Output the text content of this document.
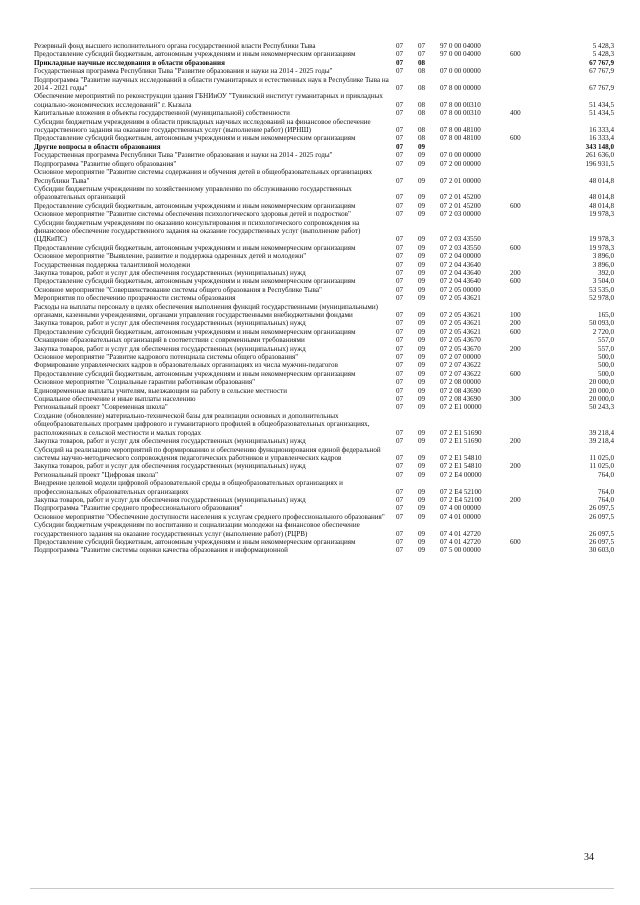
Резервный фонд высшего исполнительного органа государственной власти Республики Тыва	07	07	97 0 00 04000		5 428,3
Предоставление субсидий бюджетным, автономным учреждениям и иным некоммерческим организациям	07	07	97 0 00 04000	600	5 428,3
Прикладные научные исследования в области образования	07	08			67 767,9
Государственная программа Республики Тыва "Развитие образования и науки на 2014 - 2025 годы"	07	08	07 0 00 00000		67 767,9
Подпрограмма "Развитие научных исследований в области гуманитарных и естественных наук в Республике Тыва на 2014 - 2021 годы"	07	08	07 8 00 00000		67 767,9
Обеспечение мероприятий по реконструкции здания ГБНИиОУ "Тувинский институт гуманитарных и прикладных социально-экономических исследований" г. Кызыла	07	08	07 8 00 00310		51 434,5
Капитальные вложения в объекты государственной (муниципальной) собственности	07	08	07 8 00 00310	400	51 434,5
Субсидии бюджетным учреждениям в области прикладных научных исследований на финансовое обеспечение государственного задания на оказание государственных услуг (выполнение работ) (ИРНШ)	07	08	07 8 00 48100		16 333,4
Предоставление субсидий бюджетным, автономным учреждениям и иным некоммерческим организациям	07	08	07 8 00 48100	600	16 333,4
Другие вопросы в области образования	07	09			343 148,0
Государственная программа Республики Тыва "Развитие образования и науки на 2014 - 2025 годы"	07	09	07 0 00 00000		261 636,0
Подпрограмма "Развитие общего образования"	07	09	07 2 00 00000		196 931,5
Основное мероприятие "Развитие системы содержания и обучения детей в общеобразовательных организациях Республики Тыва"	07	09	07 2 01 00000		48 014,8
Субсидии бюджетным учреждениям по хозяйственному управлению по обслуживанию государственных образовательных организаций	07	09	07 2 01 45200		48 014,8
Предоставление субсидий бюджетным, автономным учреждениям и иным некоммерческим организациям	07	09	07 2 01 45200	600	48 014,8
Основное мероприятие "Развитие системы обеспечения психологического здоровья детей и подростков"	07	09	07 2 03 00000		19 978,3
Субсидии бюджетным учреждениям по оказанию консультирования и психологического сопровождения на финансовое обеспечение государственного задания на оказание государственных услуг (выполнение работ) (ЦДКиПС)	07	09	07 2 03 43550		19 978,3
Предоставление субсидий бюджетным, автономным учреждениям и иным некоммерческим организациям	07	09	07 2 03 43550	600	19 978,3
Основное мероприятие "Выявление, развитие и поддержка одаренных детей и молодежи"	07	09	07 2 04 00000		3 896,0
Государственная поддержка талантливой молодежи	07	09	07 2 04 43640		3 896,0
Закупка товаров, работ и услуг для обеспечения государственных (муниципальных) нужд	07	09	07 2 04 43640	200	392,0
Предоставление субсидий бюджетным, автономным учреждениям и иным некоммерческим организациям	07	09	07 2 04 43640	600	3 504,0
Основное мероприятие "Совершенствование системы общего образования в Республике Тыва"	07	09	07 2 05 00000		53 535,0
Мероприятия по обеспечению прозрачности системы образования	07	09	07 2 05 43621		52 978,0
Расходы на выплаты персоналу в целях обеспечения выполнения функций государственными (муниципальными) органами, казенными учреждениями, органами управления государственными внебюджетными фондами	07	09	07 2 05 43621	100	165,0
Закупка товаров, работ и услуг для обеспечения государственных (муниципальных) нужд	07	09	07 2 05 43621	200	50 093,0
Предоставление субсидий бюджетным, автономным учреждениям и иным некоммерческим организациям	07	09	07 2 05 43621	600	2 720,0
Оснащение образовательных организаций в соответствии с современными требованиями	07	09	07 2 05 43670		557,0
Закупка товаров, работ и услуг для обеспечения государственных (муниципальных) нужд	07	09	07 2 05 43670	200	557,0
Основное мероприятие "Развитие кадрового потенциала системы общего образования"	07	09	07 2 07 00000		500,0
Формирование управленческих кадров в образовательных организациях из числа мужчин-педагогов	07	09	07 2 07 43622		500,0
Предоставление субсидий бюджетным, автономным учреждениям и иным некоммерческим организациям	07	09	07 2 07 43622	600	500,0
Основное мероприятие "Социальные гарантии работникам образования"	07	09	07 2 08 00000		20 000,0
Единовременные выплаты учителям, выезжающим на работу в сельские местности	07	09	07 2 08 43690		20 000,0
Социальное обеспечение и иные выплаты населению	07	09	07 2 08 43690	300	20 000,0
Региональный проект "Современная школа"	07	09	07 2 E1 00000		50 243,3
Создание (обновление) материально-технической базы для реализации основных и дополнительных общеобразовательных программ цифрового и гуманитарного профилей в общеобразовательных организациях, расположенных в сельской местности и малых городах	07	09	07 2 E1 51690		39 218,4
Закупка товаров, работ и услуг для обеспечения государственных (муниципальных) нужд	07	09	07 2 E1 51690	200	39 218,4
Субсидий на реализацию мероприятий по формированию и обеспечению функционирования единой федеральной системы научно-методического сопровождения педагогических работников и управленческих кадров	07	09	07 2 E1 54810		11 025,0
Закупка товаров, работ и услуг для обеспечения государственных (муниципальных) нужд	07	09	07 2 E1 54810	200	11 025,0
Региональный проект "Цифровая школа"	07	09	07 2 E4 00000		764,0
Внедрение целевой модели цифровой образовательной среды в общеобразовательных организациях и профессиональных образовательных организациях	07	09	07 2 E4 52100		764,0
Закупка товаров, работ и услуг для обеспечения государственных (муниципальных) нужд	07	09	07 2 E4 52100	200	764,0
Подпрограмма "Развитие среднего профессионального образования"	07	09	07 4 00 00000		26 097,5
Основное мероприятие "Обеспечение доступности населения к услугам среднего профессионального образования"	07	09	07 4 01 00000		26 097,5
Субсидии бюджетным учреждениям по воспитанию и социализации молодежи на финансовое обеспечение государственного задания на оказание государственных услуг (выполнение работ) (РЦРВ)	07	09	07 4 01 42720		26 097,5
Предоставление субсидий бюджетным, автономным учреждениям и иным некоммерческим организациям	07	09	07 4 01 42720	600	26 097,5
Подпрограмма "Развитие системы оценки качества образования и информационной	07	09	07 5 00 00000		30 603,0
34
